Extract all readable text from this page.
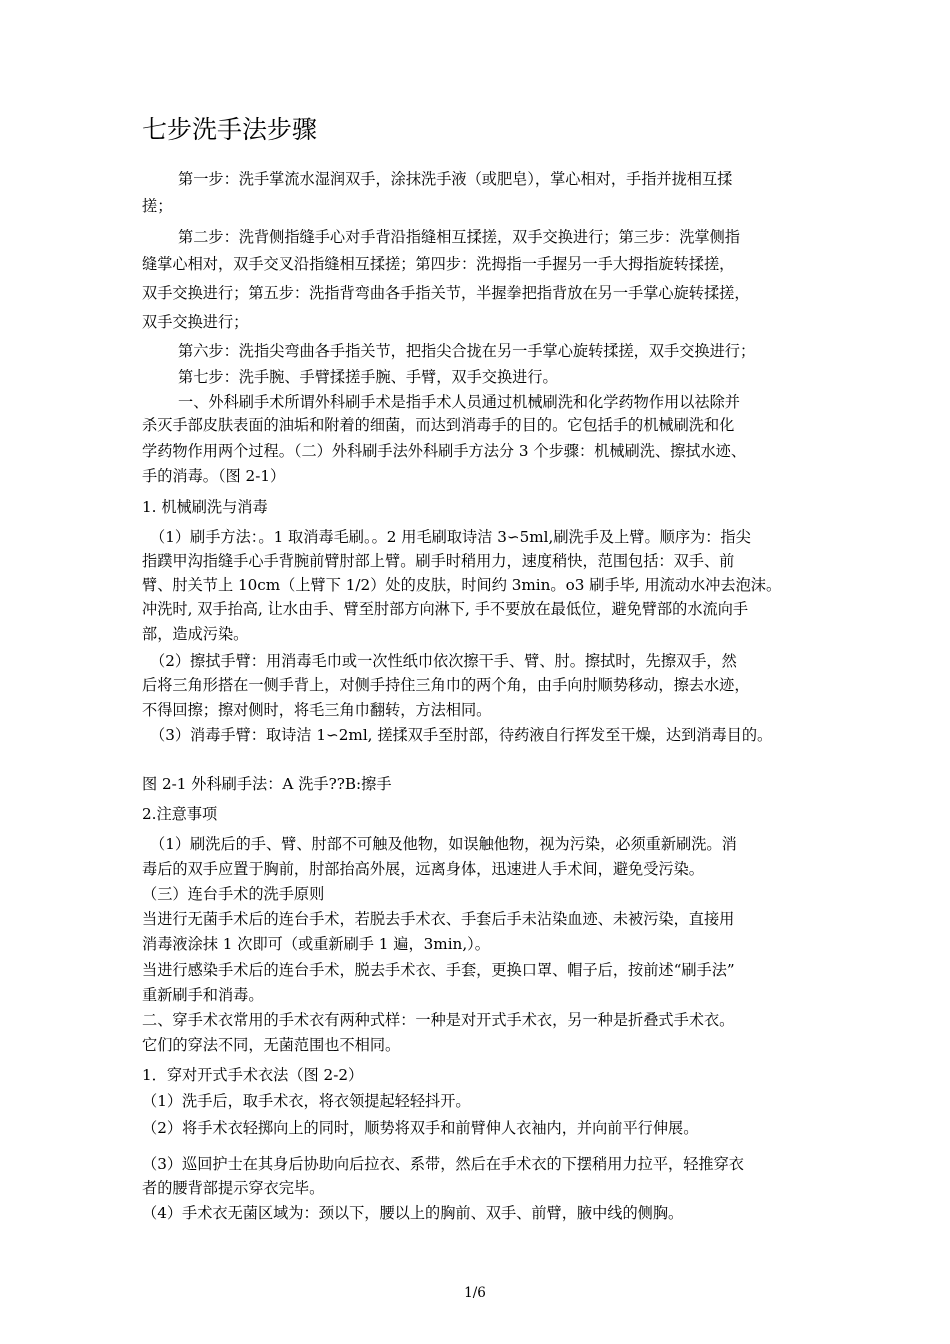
七步洗手法步骤
第一步：洗手掌流水湿润双手，涂抹洗手液（或肥皂），掌心相对，手指并拢相互揉
搓；
第二步：洗背侧指缝手心对手背沿指缝相互揉搓，双手交换进行；第三步：洗掌侧指
缝掌心相对，双手交叉沿指缝相互揉搓；第四步：洗拇指一手握另一手大拇指旋转揉搓，
双手交换进行；第五步：洗指背弯曲各手指关节，半握拳把指背放在另一手掌心旋转揉搓，
双手交换进行；
第六步：洗指尖弯曲各手指关节，把指尖合拢在另一手掌心旋转揉搓，双手交换进行；
第七步：洗手腕、手臂揉搓手腕、手臂，双手交换进行。
一、外科刷手术所谓外科刷手术是指手术人员通过机械刷洗和化学药物作用以祛除并
杀灭手部皮肤表面的油垢和附着的细菌，而达到消毒手的目的。它包括手的机械刷洗和化
学药物作用两个过程。（二）外科刷手法外科刷手方法分 3 个步骤：机械刷洗、擦拭水迹、
手的消毒。（图 2-1）
1. 机械刷洗与消毒
（1）刷手方法：。1 取消毒毛刷。。2 用毛刷取诗洁 3∽5ml,刷洗手及上臂。顺序为：指尖
指蹼甲沟指缝手心手背腕前臂肘部上臂。刷手时稍用力，速度稍快，范围包括：双手、前
臂、肘关节上 10cm（上臂下 1/2）处的皮肤，时间约 3min。o3 刷手毕, 用流动水冲去泡沫。
冲洗时, 双手抬高, 让水由手、臂至肘部方向淋下, 手不要放在最低位，避免臂部的水流向手
部，造成污染。
（2）擦拭手臂：用消毒毛巾或一次性纸巾依次擦干手、臂、肘。擦拭时，先擦双手，然
后将三角形搭在一侧手背上，对侧手持住三角巾的两个角，由手向肘顺势移动，擦去水迹，
不得回擦；擦对侧时，将毛三角巾翻转，方法相同。
（3）消毒手臂：取诗洁 1∽2ml, 搓揉双手至肘部，待药液自行挥发至干燥，达到消毒目的。
图 2-1 外科刷手法：A 洗手??B:擦手
2.注意事项
（1）刷洗后的手、臂、肘部不可触及他物，如误触他物，视为污染，必须重新刷洗。消
毒后的双手应置于胸前，肘部抬高外展，远离身体，迅速进人手术间，避免受污染。
（三）连台手术的洗手原则
当进行无菌手术后的连台手术，若脱去手术衣、手套后手未沾染血迹、未被污染，直接用
消毒液涂抹 1 次即可（或重新刷手 1 遍，3min,）。
当进行感染手术后的连台手术，脱去手术衣、手套，更换口罩、帽子后，按前述“刷手法”
重新刷手和消毒。
二、穿手术衣常用的手术衣有两种式样：一种是对开式手术衣，另一种是折叠式手术衣。
它们的穿法不同，无菌范围也不相同。
1．穿对开式手术衣法（图 2-2）
（1）洗手后，取手术衣，将衣领提起轻轻抖开。
（2）将手术衣轻掷向上的同时，顺势将双手和前臂伸人衣袖内，并向前平行伸展。
（3）巡回护士在其身后协助向后拉衣、系带，然后在手术衣的下摆稍用力拉平，轻推穿衣
者的腰背部提示穿衣完毕。
（4）手术衣无菌区域为：颈以下，腰以上的胸前、双手、前臂，腋中线的侧胸。
1/6
